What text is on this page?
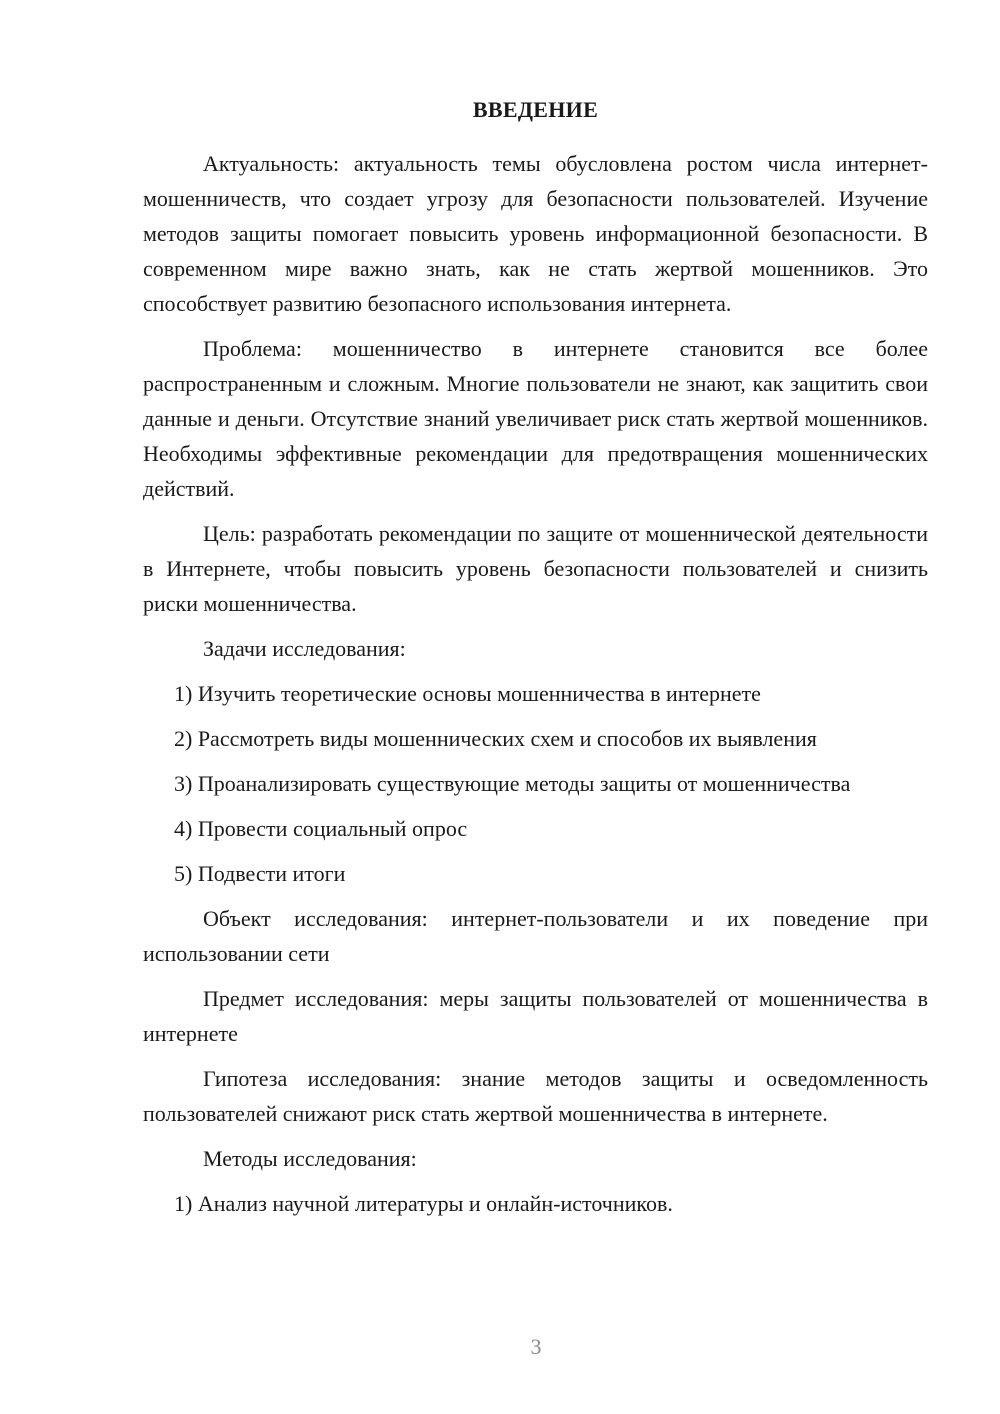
ВВЕДЕНИЕ

Актуальность: актуальность темы обусловлена ростом числа интернет-мошенничеств, что создает угрозу для безопасности пользователей. Изучение методов защиты помогает повысить уровень информационной безопасности. В современном мире важно знать, как не стать жертвой мошенников. Это способствует развитию безопасного использования интернета.

Проблема: мошенничество в интернете становится все более распространенным и сложным. Многие пользователи не знают, как защитить свои данные и деньги. Отсутствие знаний увеличивает риск стать жертвой мошенников. Необходимы эффективные рекомендации для предотвращения мошеннических действий.

Цель: разработать рекомендации по защите от мошеннической деятельности в Интернете, чтобы повысить уровень безопасности пользователей и снизить риски мошенничества.

Задачи исследования:

1) Изучить теоретические основы мошенничества в интернете

2) Рассмотреть виды мошеннических схем и способов их выявления

3) Проанализировать существующие методы защиты от мошенничества

4) Провести социальный опрос

5) Подвести итоги

Объект исследования: интернет-пользователи и их поведение при использовании сети

Предмет исследования: меры защиты пользователей от мошенничества в интернете

Гипотеза исследования: знание методов защиты и осведомленность пользователей снижают риск стать жертвой мошенничества в интернете.

Методы исследования:

1) Анализ научной литературы и онлайн-источников.

3
